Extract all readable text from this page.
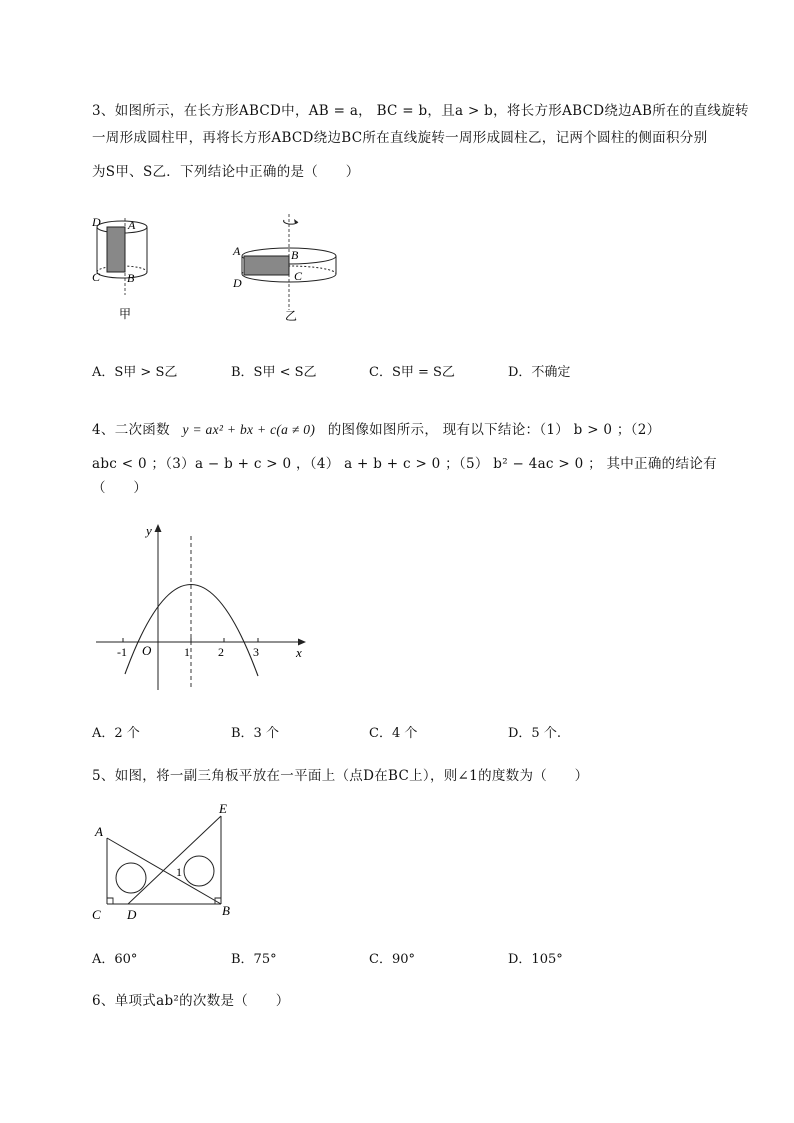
3、如图所示，在长方形ABCD中，AB = a， BC = b，且a > b，将长方形ABCD绕边AB所在的直线旋转
一周形成圆柱甲，再将长方形ABCD绕边BC所在直线旋转一周形成圆柱乙，记两个圆柱的侧面积分别
为S甲、S乙．下列结论中正确的是（　　）
D A
C B
甲
A	B
D	C
乙
A．S甲 > S乙	B．S甲 < S乙	C．S甲 = S乙	D．不确定
4、二次函数 y = ax² + bx + c(a ≠ 0) 的图像如图所示， 现有以下结论：（1） b > 0 ；（2）
abc < 0 ；（3）a − b + c > 0 ，（4） a + b + c > 0 ；（5） b² − 4ac > 0 ； 其中正确的结论有
（　　）
y
x
O
-1	1 2 3
A．2 个	B．3 个	C．4 个	D．5 个.
5、如图，将一副三角板平放在一平面上（点D在BC上），则∠1的度数为（　　）
A
E
C D	B
1
A．60°	B．75°	C．90°	D．105°
6、单项式ab²的次数是（　　）
